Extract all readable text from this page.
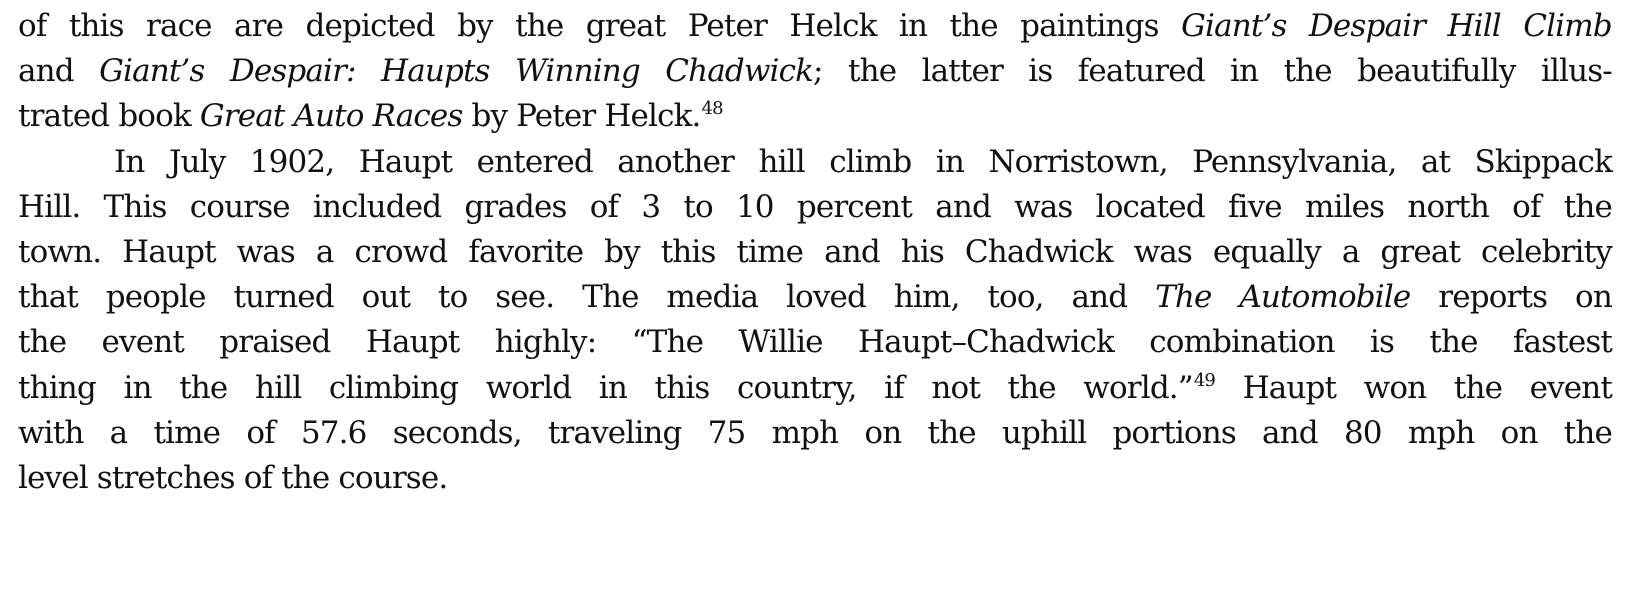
of this race are depicted by the great Peter Helck in the paintings Giant’s Despair Hill Climb
and Giant’s Despair: Haupts Winning Chadwick; the latter is featured in the beautifully illus-
trated book Great Auto Races by Peter Helck.$^{48}$
In July 1902, Haupt entered another hill climb in Norristown, Pennsylvania, at Skippack
Hill. This course included grades of 3 to 10 percent and was located five miles north of the
town. Haupt was a crowd favorite by this time and his Chadwick was equally a great celebrity
that people turned out to see. The media loved him, too, and The Automobile reports on
the event praised Haupt highly: “The Willie Haupt–Chadwick combination is the fastest
thing in the hill climbing world in this country, if not the world.”$^{49}$ Haupt won the event
with a time of 57.6 seconds, traveling 75 mph on the uphill portions and 80 mph on the
level stretches of the course.
